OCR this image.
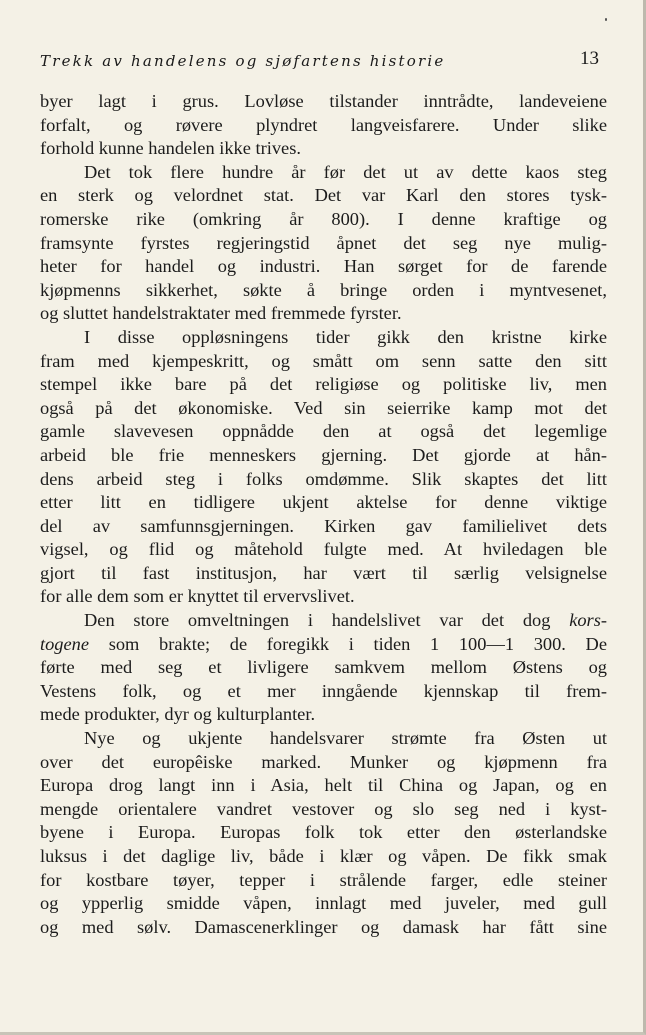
Trekk av handelens og sjøfartens historie	13

byer lagt i grus. Lovløse tilstander inntrådte, landeveiene

forfalt, og røvere plyndret langveisfarere. Under slike

forhold kunne handelen ikke trives.

Det tok flere hundre år før det ut av dette kaos steg

en sterk og velordnet stat. Det var Karl den stores tysk-

romerske rike (omkring år 800). I denne kraftige og

framsynte fyrstes regjeringstid åpnet det seg nye mulig-

heter for handel og industri. Han sørget for de farende

kjøpmenns sikkerhet, søkte å bringe orden i myntvesenet,

og sluttet handelstraktater med fremmede fyrster.

I disse oppløsningens tider gikk den kristne kirke

fram med kjempeskritt, og smått om senn satte den sitt

stempel ikke bare på det religiøse og politiske liv, men

også på det økonomiske. Ved sin seierrike kamp mot det

gamle slavevesen oppnådde den at også det legemlige

arbeid ble frie menneskers gjerning. Det gjorde at hån-

dens arbeid steg i folks omdømme. Slik skaptes det litt

etter litt en tidligere ukjent aktelse for denne viktige

del av samfunnsgjerningen. Kirken gav familielivet dets

vigsel, og flid og måtehold fulgte med. At hviledagen ble

gjort til fast institusjon, har vært til særlig velsignelse

for alle dem som er knyttet til ervervslivet.

Den store omveltningen i handelslivet var det dog kors-

togene som brakte; de foregikk i tiden 1 100—1 300. De

førte med seg et livligere samkvem mellom Østens og

Vestens folk, og et mer inngående kjennskap til frem-

mede produkter, dyr og kulturplanter.

Nye og ukjente handelsvarer strømte fra Østen ut

over det europêiske marked. Munker og kjøpmenn fra

Europa drog langt inn i Asia, helt til China og Japan, og en

mengde orientalere vandret vestover og slo seg ned i kyst-

byene i Europa. Europas folk tok etter den østerlandske

luksus i det daglige liv, både i klær og våpen. De fikk smak

for kostbare tøyer, tepper i strålende farger, edle steiner

og ypperlig smidde våpen, innlagt med juveler, med gull

og med sølv. Damascenerklinger og damask har fått sine
